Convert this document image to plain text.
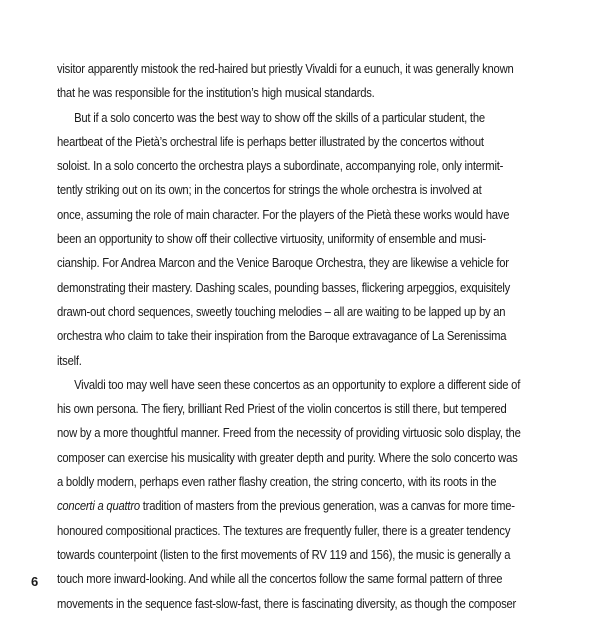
visitor apparently mistook the red-haired but priestly Vivaldi for a eunuch, it was generally known
that he was responsible for the institution’s high musical standards.
But if a solo concerto was the best way to show off the skills of a particular student, the
heartbeat of the Pietà’s orchestral life is perhaps better illustrated by the concertos without
soloist. In a solo concerto the orchestra plays a subordinate, accompanying role, only intermit-
tently striking out on its own; in the concertos for strings the whole orchestra is involved at
once, assuming the role of main character. For the players of the Pietà these works would have
been an opportunity to show off their collective virtuosity, uniformity of ensemble and musi-
cianship. For Andrea Marcon and the Venice Baroque Orchestra, they are likewise a vehicle for
demonstrating their mastery. Dashing scales, pounding basses, flickering arpeggios, exquisitely
drawn-out chord sequences, sweetly touching melodies – all are waiting to be lapped up by an
orchestra who claim to take their inspiration from the Baroque extravagance of La Serenissima
itself.
Vivaldi too may well have seen these concertos as an opportunity to explore a different side of
his own persona. The fiery, brilliant Red Priest of the violin concertos is still there, but tempered
now by a more thoughtful manner. Freed from the necessity of providing virtuosic solo display, the
composer can exercise his musicality with greater depth and purity. Where the solo concerto was
a boldly modern, perhaps even rather flashy creation, the string concerto, with its roots in the
concerti a quattro tradition of masters from the previous generation, was a canvas for more time-
honoured compositional practices. The textures are frequently fuller, there is a greater tendency
towards counterpoint (listen to the first movements of RV 119 and 156), the music is generally a
touch more inward-looking. And while all the concertos follow the same formal pattern of three
movements in the sequence fast-slow-fast, there is fascinating diversity, as though the composer
6
